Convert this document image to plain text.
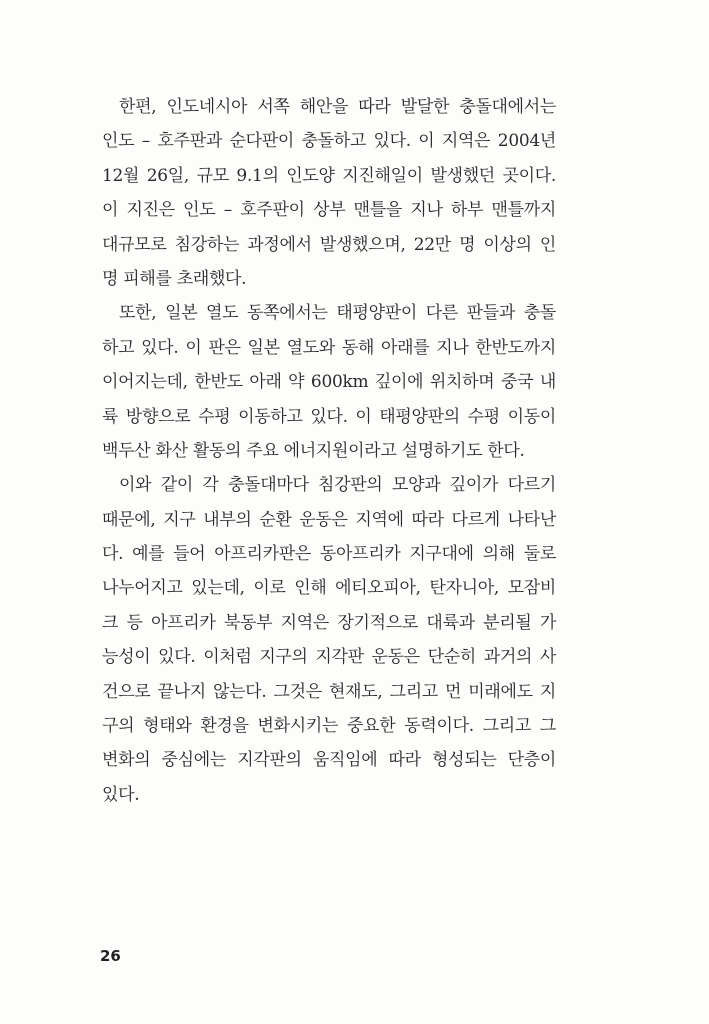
한편, 인도네시아 서쪽 해안을 따라 발달한 충돌대에서는
인도 – 호주판과 순다판이 충돌하고 있다. 이 지역은 2004년
12월 26일, 규모 9.1의 인도양 지진해일이 발생했던 곳이다.
이 지진은 인도 – 호주판이 상부 맨틀을 지나 하부 맨틀까지
대규모로 침강하는 과정에서 발생했으며, 22만 명 이상의 인
명 피해를 초래했다.
또한, 일본 열도 동쪽에서는 태평양판이 다른 판들과 충돌
하고 있다. 이 판은 일본 열도와 동해 아래를 지나 한반도까지
이어지는데, 한반도 아래 약 600km 깊이에 위치하며 중국 내
륙 방향으로 수평 이동하고 있다. 이 태평양판의 수평 이동이
백두산 화산 활동의 주요 에너지원이라고 설명하기도 한다.
이와 같이 각 충돌대마다 침강판의 모양과 깊이가 다르기
때문에, 지구 내부의 순환 운동은 지역에 따라 다르게 나타난
다. 예를 들어 아프리카판은 동아프리카 지구대에 의해 둘로
나누어지고 있는데, 이로 인해 에티오피아, 탄자니아, 모잠비
크 등 아프리카 북동부 지역은 장기적으로 대륙과 분리될 가
능성이 있다. 이처럼 지구의 지각판 운동은 단순히 과거의 사
건으로 끝나지 않는다. 그것은 현재도, 그리고 먼 미래에도 지
구의 형태와 환경을 변화시키는 중요한 동력이다. 그리고 그
변화의 중심에는 지각판의 움직임에 따라 형성되는 단층이
있다.
26
